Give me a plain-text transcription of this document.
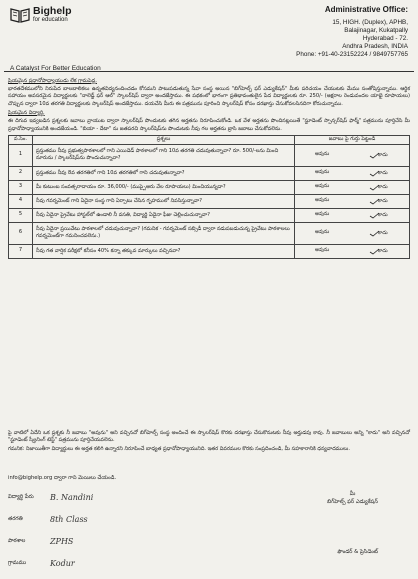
Bighelp
for education
A Catalyst For Better Education
Administrative Office:
15, HIGH. (Duplex), APHB,
Balajinagar, Kukatpally
Hyderabad - 72.
Andhra Pradesh, INDIA
Phone: +91-40-23152224 / 9849757765
ప్రియమైన ప్రధానోపాధ్యాయుడు లేక గ్రామపెద్ద,
భారతదేశములోని నిరుపేద బాలబాలికలు ఉన్నతవిద్యనందించడం కోసమని పాటుపడుతున్న సేవా సంస్థ అయిన "బిగ్‌హెల్ప్ ఫర్ ఎడ్యుకేషన్" మీకు పరిచయం చేయుటకు మేము సంతోషిస్తున్నాము. ఆర్థిక సహాయం అవసరమైన విద్యార్థులకు "నాలెడ్జ్ ఫర్ ఆల్" స్కాలర్‌షిప్ ద్వారా అందజేస్తాము. ఈ పథకంలో భాగంగా ప్రతిభావంతులైన పేద విద్యార్థులకు రూ. 250/- (అక్షరాల రెండువందల యాభై రూపాయలు) చొప్పున ద్వారా 10వ తరగతి విద్యార్థులకు స్కాలర్‌షిప్ అందజేస్తాము. దయచేసి మీరు ఈ పత్రమును పూరించి స్కాలర్‌షిప్ కోసం దరఖాస్తు చేసుకోవలసినదిగా కోరుచున్నాము.
ప్రియమైన విద్యార్థి,
ఈ దిగువ ఇవ్వబడిన ప్రశ్నలకు జవాబు వ్రాయుట ద్వారా స్కాలర్‌షిప్ పొందుటకు తగిన అర్హతను నిరూపించుకోండి. ఒక వేళ అర్హతను పొందినట్లయితే "స్టూడెంట్ స్పాన్సర్‌షిప్ ఫార్మ్" పత్రమును పూర్తిచేసి మీ ప్రధానోపాధ్యాయునికి అందజేయండి. "బియా - దేటా" ను జతపరచి స్కాలర్‌షిప్‌ను పొందుటకు నీవు గల అర్హతను బ్రాసి జబాబు చేసుకోవలెను.
వ.సెం.	ప్రశ్నలు	జవాబు పై గుర్తు పెట్టండి
1	ప్రస్తుతము నీవు ప్రభుత్వపాఠశాలలో గాని ఎయిడెడ్ పాఠశాలలో గాని 10వ తరగతి చదువుతున్నావా? రూ. 500/-లను మించి నూరును / స్కాలర్‌షిప్‌ను పొందుచున్నావా?	అవును కాదు

2	ప్రస్తుతము నీవు 8వ తరగతిలో గాని 10వ తరగతిలో గాని చదువుతున్నావా?	అవును కాదు

3	మీ కుటుంబ సంవత్సరాదాయం రూ. 36,000/- (ముప్పైఆరు వేల రూపాయలు) మించియున్నదా?	అవును కాదు

4	నీవు గవర్నమెంట్ గాని ఏదైనా సంస్థ గాని ఏర్పాటు చేసిన గృహములో నివసిస్తున్నావా?	అవును కాదు

5	నీవు ఏదైనా ప్రైవేటు హాస్టల్‌లో ఉండాలి నీ వసతి, విద్యార్థి ఏదైనా ఫీజు చెల్లించుచున్నావా?	అవును కాదు

6	నీవు ఏదైనా ప్రయివేటు పాఠశాలలో చదువుచున్నావా? (గమనిక - గవర్నమెంట్ సబ్సిడీ ద్వారా నడుపబడుచున్న ప్రైవేటు పాఠశాలలు గవర్నమెంట్‌గా గమనించవలెను.)	అవును కాదు

7	నీవు గత వార్షిక పరీక్షలో కనీసం 40% కన్నా తక్కువ మార్కులు వచ్చినవా?	అవును కాదు
పై వాటిలో ఏదేని ఒక ప్రశ్నకు నీ జవాబు "అవును" అని వచ్చినచో బిగ్‌హెల్ప్ సంస్థ అందించే ఈ స్కాలర్‌షిప్ కొరకు దరఖాస్తు చేసుకొనుటకు నీవు అర్హుడవు కావు. నీ జవాబులు అన్ని "కాదు" అని వచ్చినచో "స్టూడెంట్ స్క్రీనింగ్ టెస్ట్" పత్రమును పూర్తిచేయవలెను.
గమనిక: నిజాయితీగా విద్యార్థులు ఈ అర్హత కలిగి ఉన్నారని నిరూపించే బాధ్యత ప్రధానోపాధ్యాయునిది. ఇతర వివరముల కొరకు సంప్రదించండి, మీ సహకారానికి ధన్యవాదములు.
info@bighelp.org ద్వారా గాని మెయిలు చేయండి.
విద్యార్థి పేరు	B. Nandini
తరగతి	8th Class
పాఠశాల	ZPHS
గ్రామము	Kodur
మీ
బిగ్‌హెల్ప్ ఫర్ ఎడ్యుకేషన్
ఫౌండర్ & ప్రెసిడెంట్
